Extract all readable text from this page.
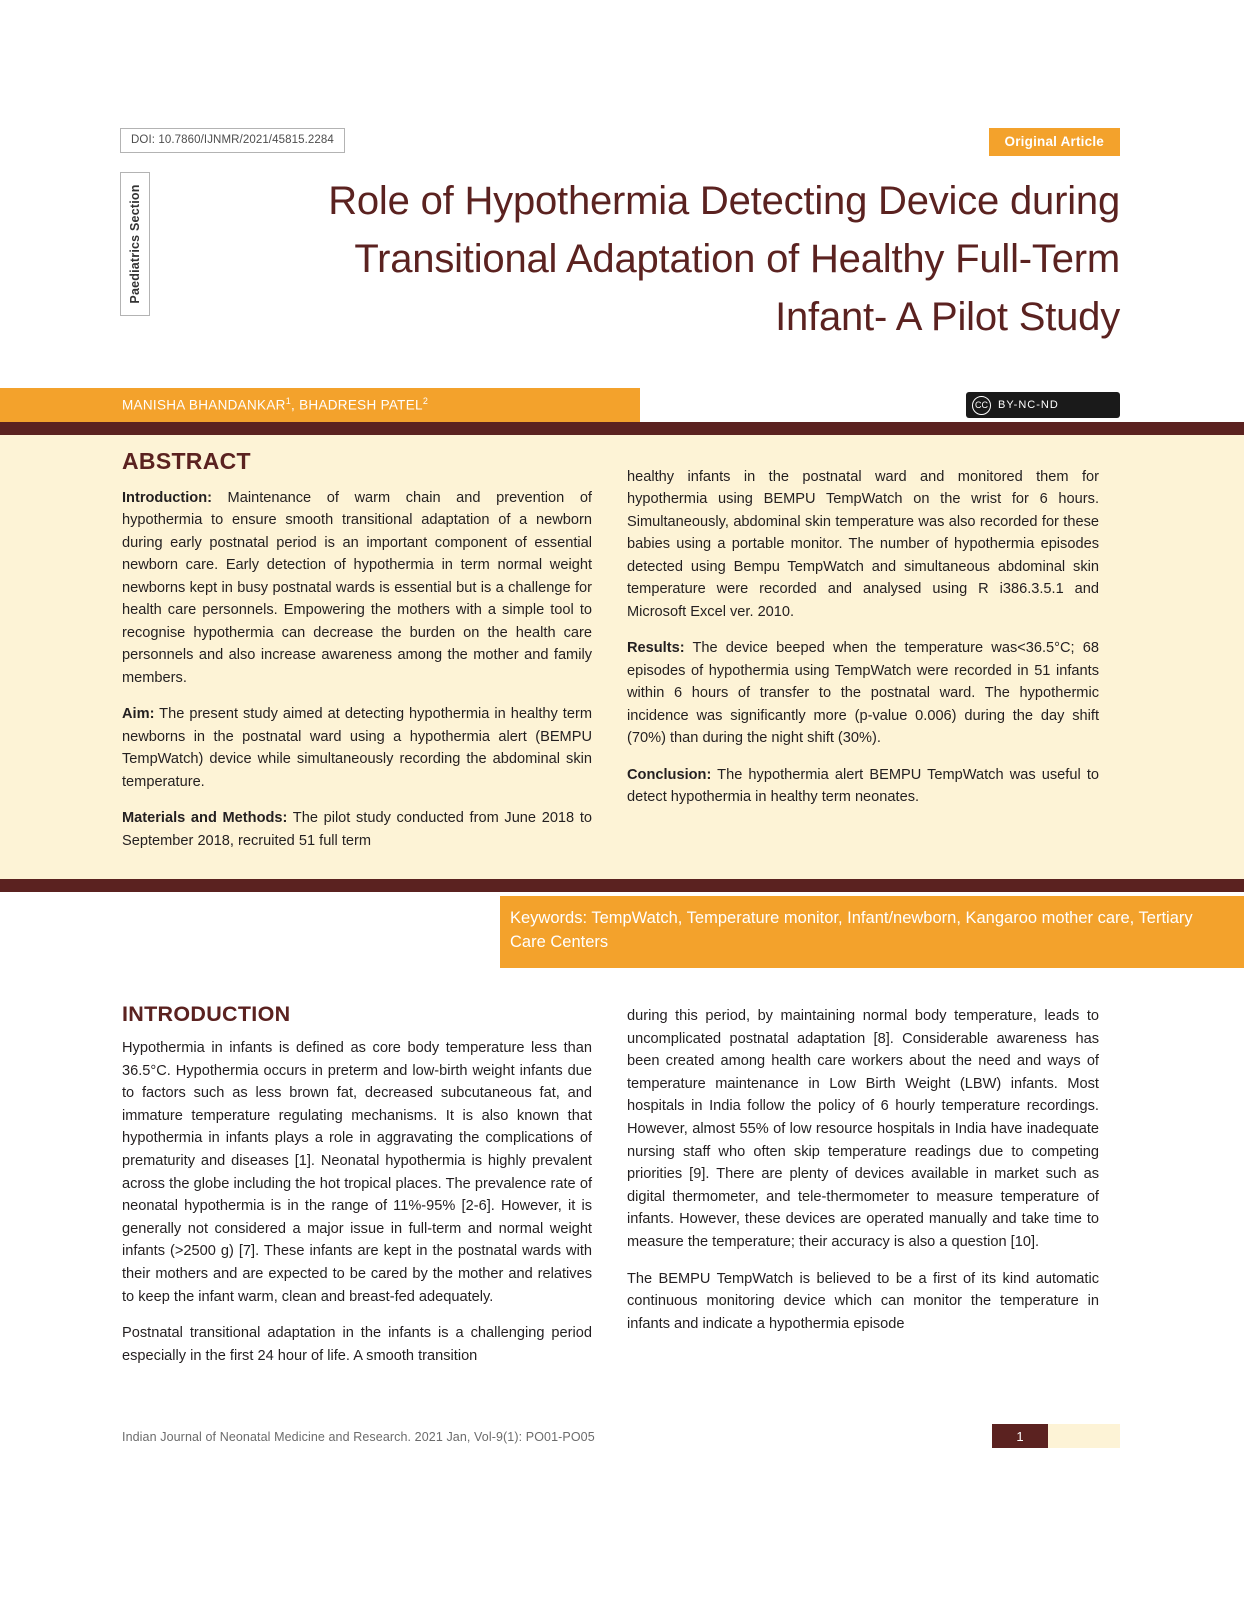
DOI: 10.7860/IJNMR/2021/45815.2284	Original Article
Paediatrics Section	Role of Hypothermia Detecting Device during Transitional Adaptation of Healthy Full-Term Infant- A Pilot Study
MANISHA BHANDANKAR$^1$, BHADRESH PATEL$^2$	CC BY-NC-ND
ABSTRACT

Introduction: Maintenance of warm chain and prevention of hypothermia to ensure smooth transitional adaptation of a newborn during early postnatal period is an important component of essential newborn care. Early detection of hypothermia in term normal weight newborns kept in busy postnatal wards is essential but is a challenge for health care personnels. Empowering the mothers with a simple tool to recognise hypothermia can decrease the burden on the health care personnels and also increase awareness among the mother and family members.

Aim: The present study aimed at detecting hypothermia in healthy term newborns in the postnatal ward using a hypothermia alert (BEMPU TempWatch) device while simultaneously recording the abdominal skin temperature.

Materials and Methods: The pilot study conducted from June 2018 to September 2018, recruited 51 full term

healthy infants in the postnatal ward and monitored them for hypothermia using BEMPU TempWatch on the wrist for 6 hours. Simultaneously, abdominal skin temperature was also recorded for these babies using a portable monitor. The number of hypothermia episodes detected using Bempu TempWatch and simultaneous abdominal skin temperature were recorded and analysed using R i386.3.5.1 and Microsoft Excel ver. 2010.

Results: The device beeped when the temperature was<36.5°C; 68 episodes of hypothermia using TempWatch were recorded in 51 infants within 6 hours of transfer to the postnatal ward. The hypothermic incidence was significantly more (p-value 0.006) during the day shift (70%) than during the night shift (30%).

Conclusion: The hypothermia alert BEMPU TempWatch was useful to detect hypothermia in healthy term neonates.

Keywords: TempWatch, Temperature monitor, Infant/newborn, Kangaroo mother care, Tertiary Care Centers
INTRODUCTION

Hypothermia in infants is defined as core body temperature less than 36.5°C. Hypothermia occurs in preterm and low-birth weight infants due to factors such as less brown fat, decreased subcutaneous fat, and immature temperature regulating mechanisms. It is also known that hypothermia in infants plays a role in aggravating the complications of prematurity and diseases [1]. Neonatal hypothermia is highly prevalent across the globe including the hot tropical places. The prevalence rate of neonatal hypothermia is in the range of 11%-95% [2-6]. However, it is generally not considered a major issue in full-term and normal weight infants (>2500 g) [7]. These infants are kept in the postnatal wards with their mothers and are expected to be cared by the mother and relatives to keep the infant warm, clean and breast-fed adequately.

Postnatal transitional adaptation in the infants is a challenging period especially in the first 24 hour of life. A smooth transition

during this period, by maintaining normal body temperature, leads to uncomplicated postnatal adaptation [8]. Considerable awareness has been created among health care workers about the need and ways of temperature maintenance in Low Birth Weight (LBW) infants. Most hospitals in India follow the policy of 6 hourly temperature recordings. However, almost 55% of low resource hospitals in India have inadequate nursing staff who often skip temperature readings due to competing priorities [9]. There are plenty of devices available in market such as digital thermometer, and tele-thermometer to measure temperature of infants. However, these devices are operated manually and take time to measure the temperature; their accuracy is also a question [10].

The BEMPU TempWatch is believed to be a first of its kind automatic continuous monitoring device which can monitor the temperature in infants and indicate a hypothermia episode

Indian Journal of Neonatal Medicine and Research. 2021 Jan, Vol-9(1): PO01-PO05	1
